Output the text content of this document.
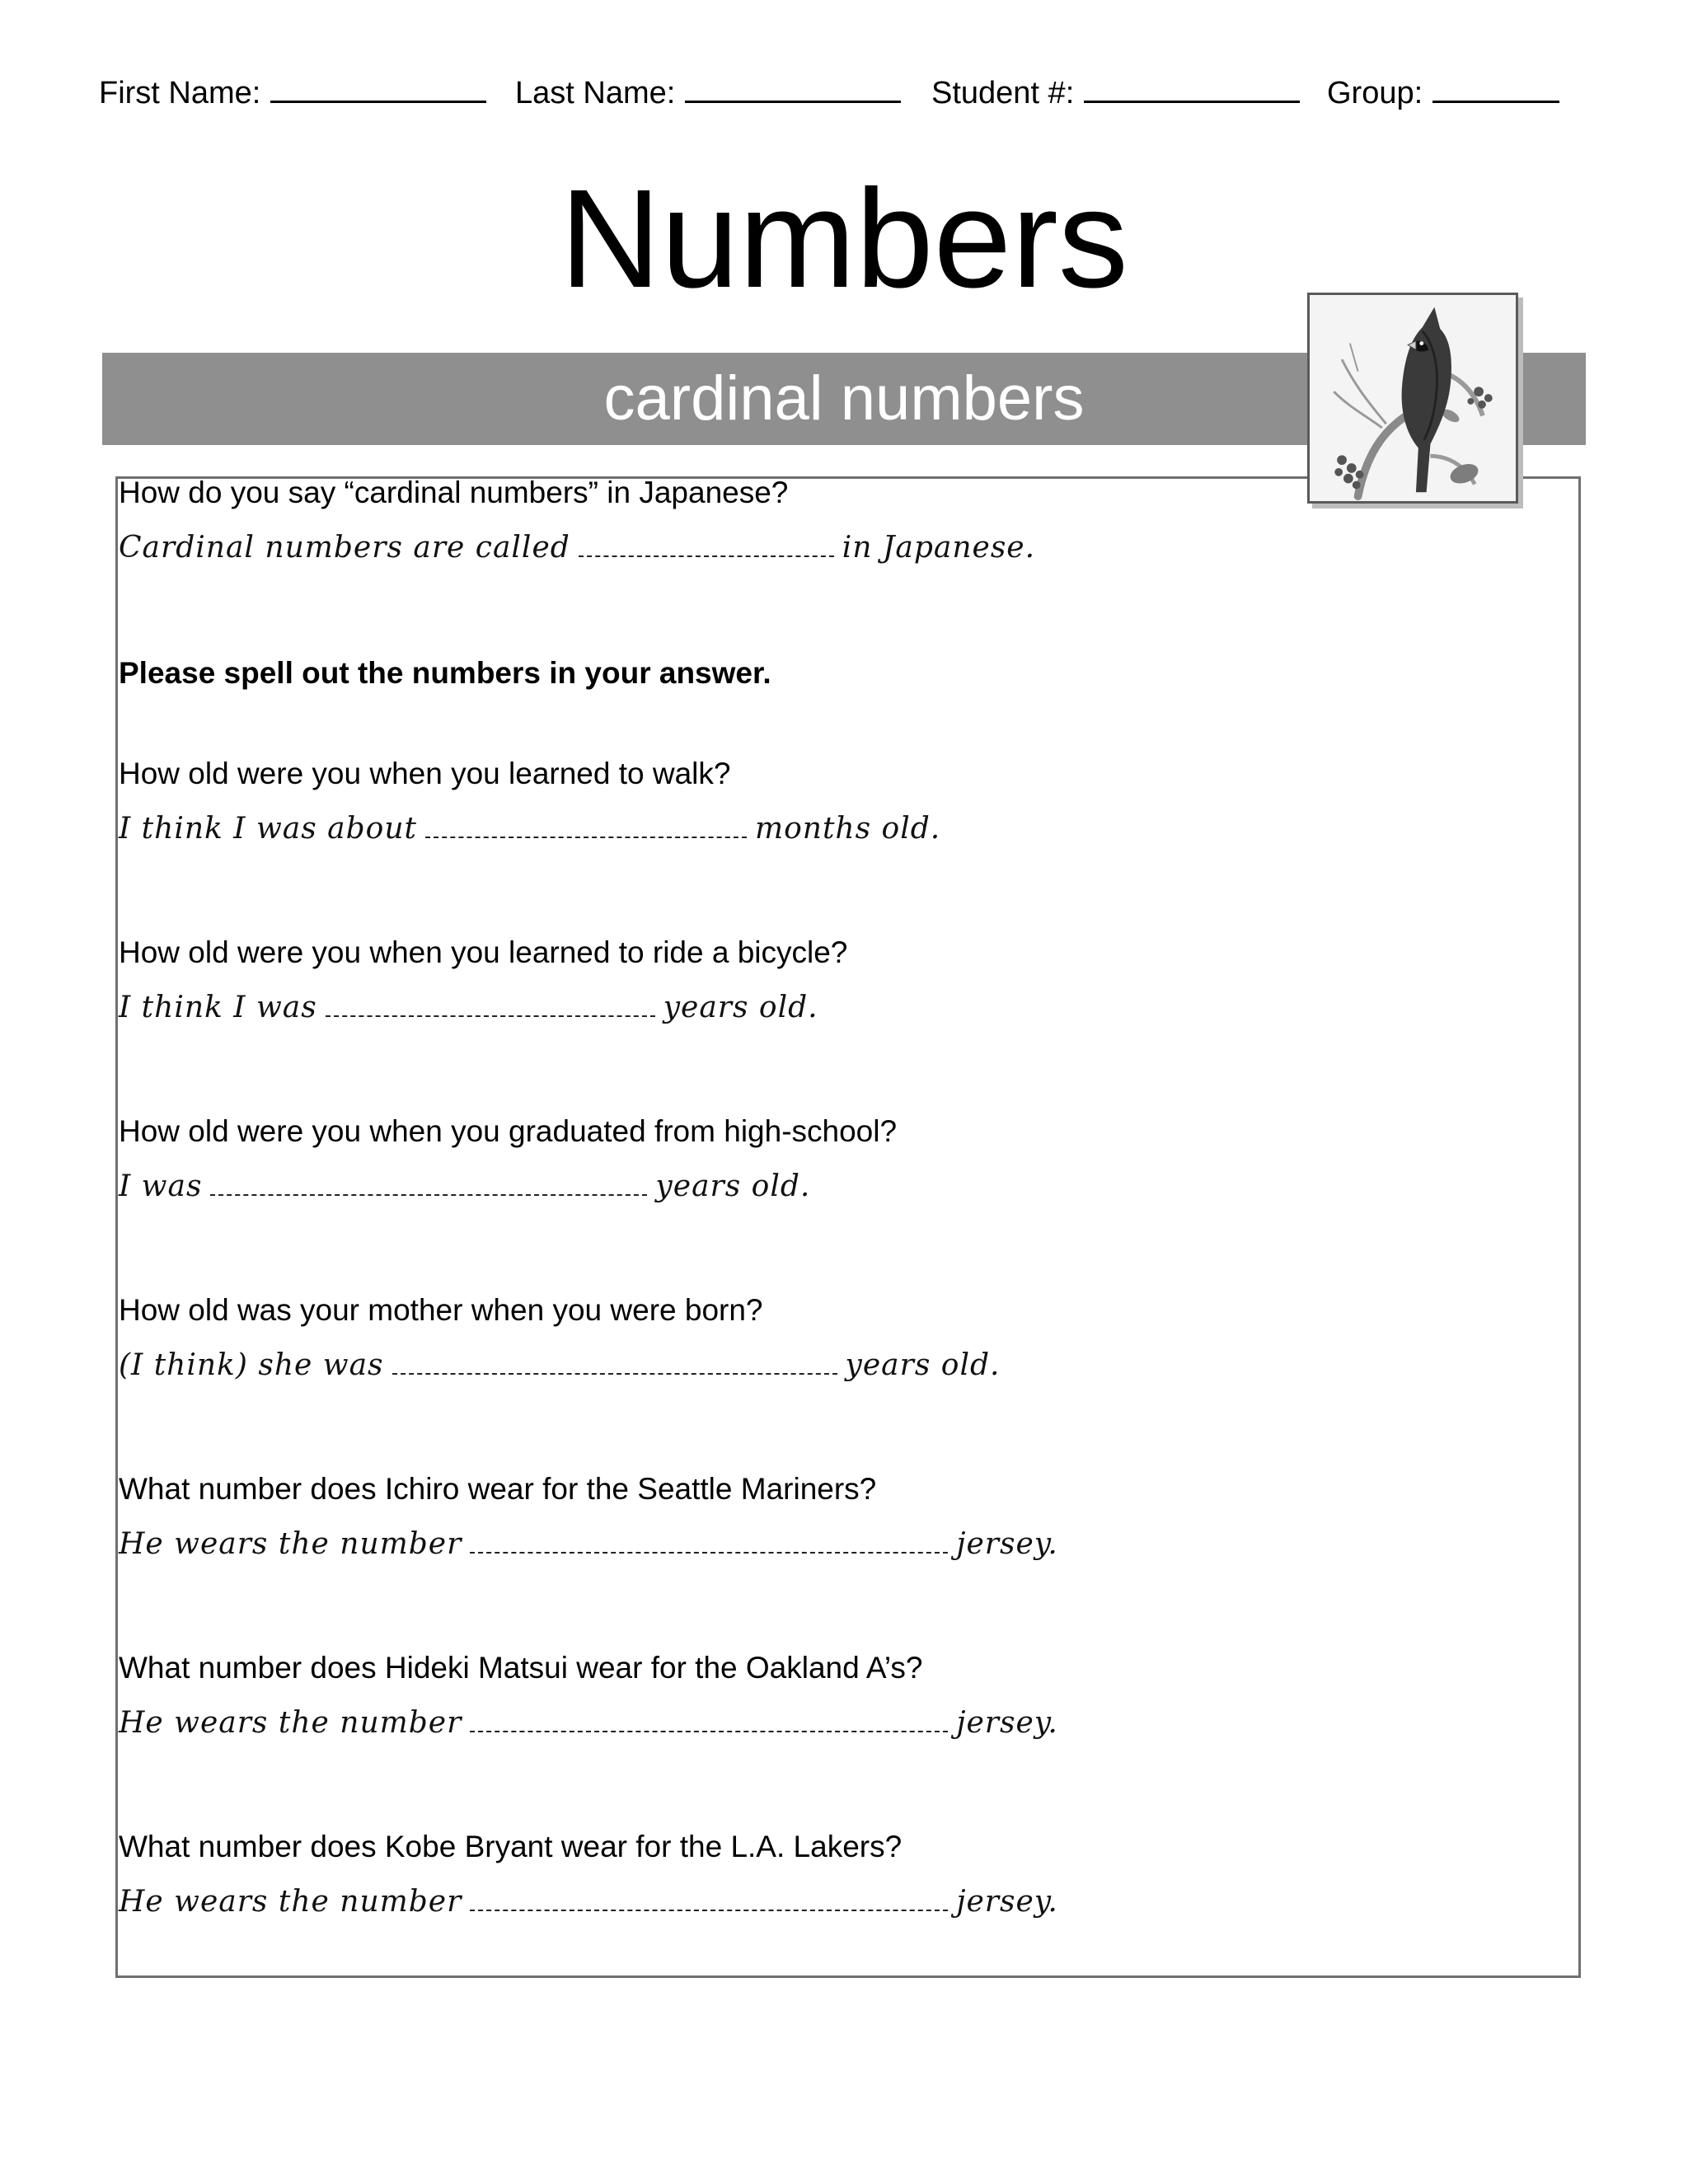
First Name:	Last Name:	Student #:	Group:
Numbers
cardinal numbers
How do you say “cardinal numbers” in Japanese?
Cardinal numbers are called	in Japanese.
Please spell out the numbers in your answer.
How old were you when you learned to walk?
I think I was about	months old.
How old were you when you learned to ride a bicycle?
I think I was	years old.
How old were you when you graduated from high-school?
I was	years old.
How old was your mother when you were born?
(I think) she was	years old.
What number does Ichiro wear for the Seattle Mariners?
He wears the number	jersey.
What number does Hideki Matsui wear for the Oakland A’s?
He wears the number	jersey.
What number does Kobe Bryant wear for the L.A. Lakers?
He wears the number	jersey.
